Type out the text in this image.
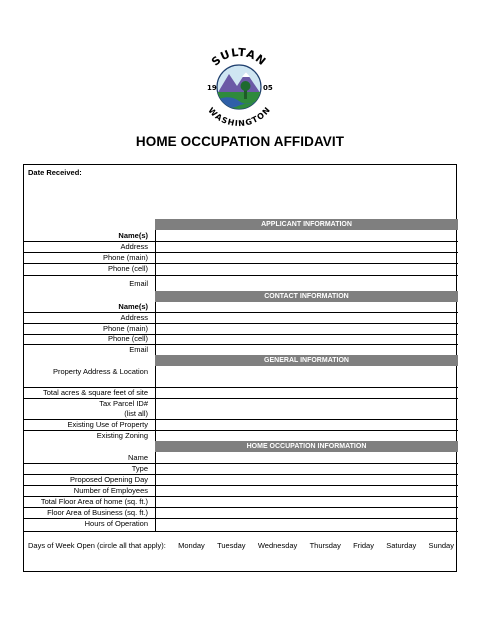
SULTAN
WASHINGTON
19	05
HOME OCCUPATION AFFIDAVIT
Date Received:
APPLICANT INFORMATION
Name(s)
Address
Phone (main)
Phone (cell)
Email
CONTACT INFORMATION
Name(s)
Address
Phone (main)
Phone (cell)
Email
GENERAL INFORMATION
Property Address & Location
Total acres & square feet of site
Tax Parcel ID#
(list all)
Existing Use of Property
Existing Zoning
HOME OCCUPATION INFORMATION
Name
Type
Proposed Opening Day
Number of Employees
Total Floor Area of home (sq. ft.)
Floor Area of Business (sq. ft.)
Hours of Operation
Days of Week Open (circle all that apply): Monday Tuesday Wednesday Thursday Friday Saturday Sunday
